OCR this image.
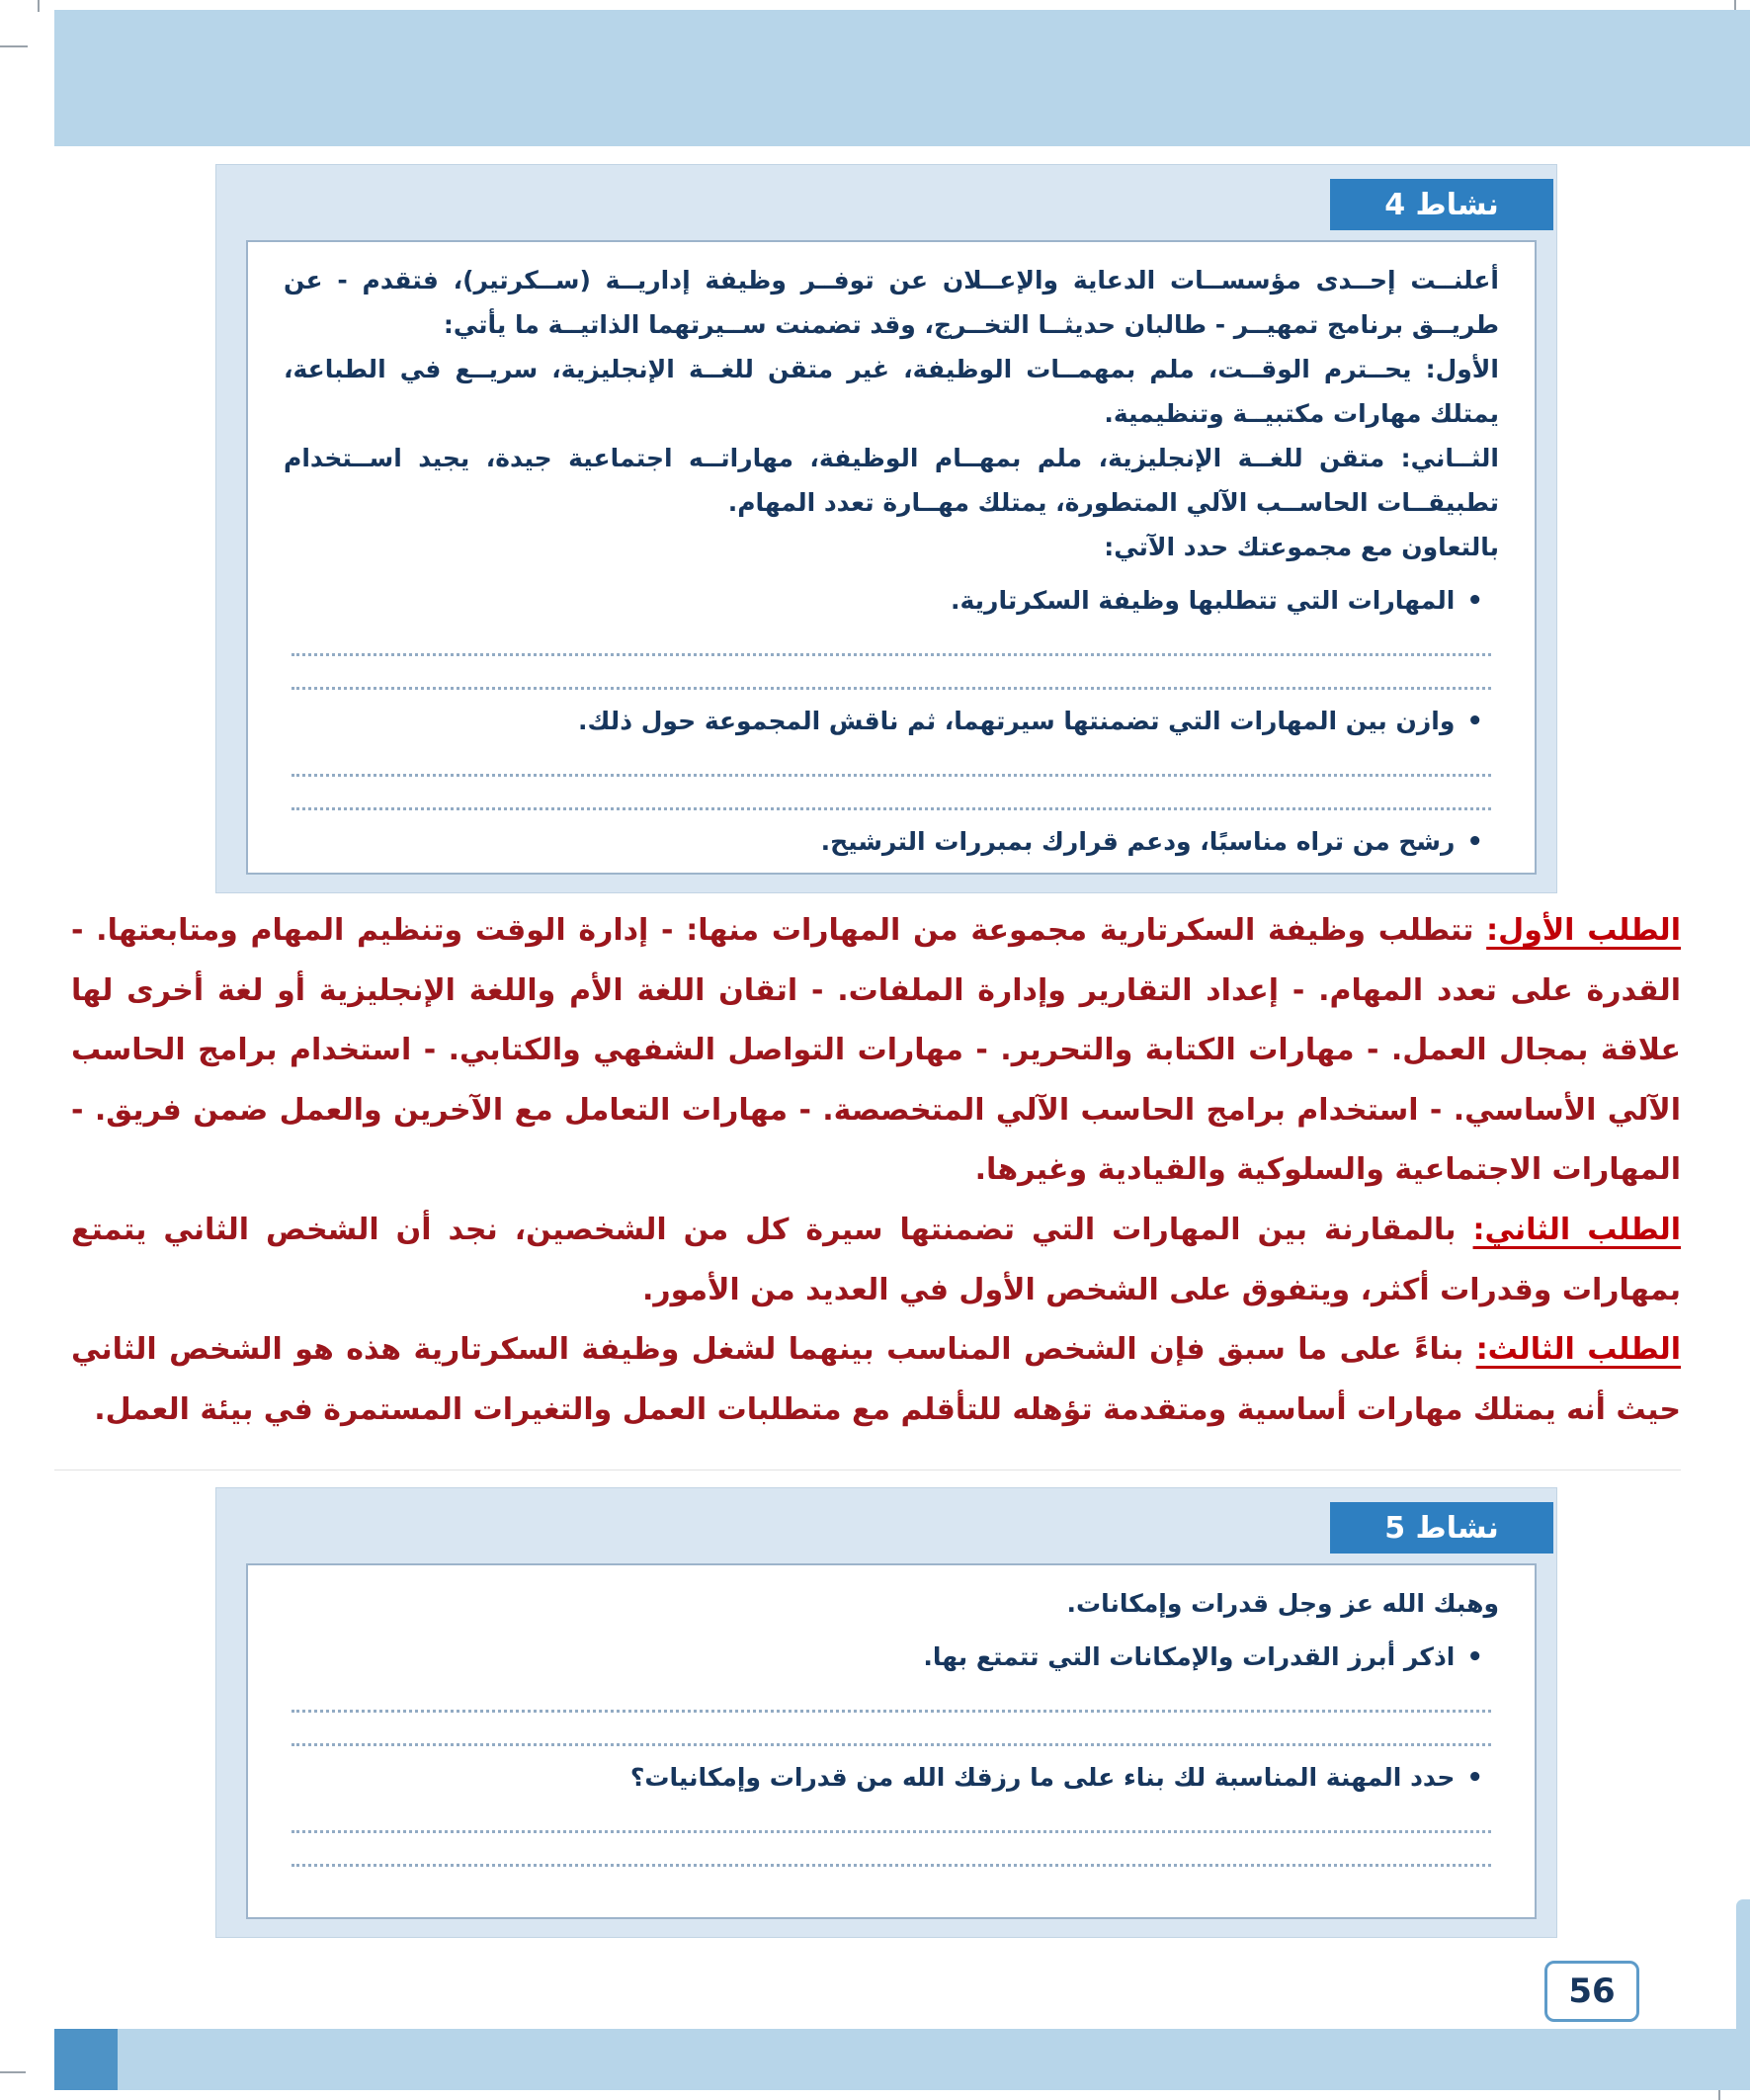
نشاط 4

أعلنــت إحــدى مؤسســات الدعاية والإعــلان عن توفــر وظيفة إداريــة (ســكرتير)، فتقدم - عن طريــق برنامج تمهيــر - طالبان حديثــا التخــرج، وقد تضمنت ســيرتهما الذاتيــة ما يأتي:

الأول: يحــترم الوقــت، ملم بمهمــات الوظيفة، غير متقن للغــة الإنجليزية، سريــع في الطباعة، يمتلك مهارات مكتبيــة وتنظيمية.

الثــاني: متقن للغــة الإنجليزية، ملم بمهــام الوظيفة، مهاراتــه اجتماعية جيدة، يجيد اســتخدام تطبيقــات الحاســب الآلي المتطورة، يمتلك مهــارة تعدد المهام.

بالتعاون مع مجموعتك حدد الآتي:

•
المهارات التي تتطلبها وظيفة السكرتارية.
•
وازن بين المهارات التي تضمنتها سيرتهما، ثم ناقش المجموعة حول ذلك.
•
رشح من تراه مناسبًا، ودعم قرارك بمبررات الترشيح.

الطلب الأول: تتطلب وظيفة السكرتارية مجموعة من المهارات منها: - إدارة الوقت وتنظيم المهام ومتابعتها. - القدرة على تعدد المهام. - إعداد التقارير وإدارة الملفات. - اتقان اللغة الأم واللغة الإنجليزية أو لغة أخرى لها علاقة بمجال العمل. - مهارات الكتابة والتحرير. - مهارات التواصل الشفهي والكتابي. - استخدام برامج الحاسب الآلي الأساسي. - استخدام برامج الحاسب الآلي المتخصصة. - مهارات التعامل مع الآخرين والعمل ضمن فريق. - المهارات الاجتماعية والسلوكية والقيادية وغيرها.

الطلب الثاني: بالمقارنة بين المهارات التي تضمنتها سيرة كل من الشخصين، نجد أن الشخص الثاني يتمتع بمهارات وقدرات أكثر، ويتفوق على الشخص الأول في العديد من الأمور.

الطلب الثالث: بناءً على ما سبق فإن الشخص المناسب بينهما لشغل وظيفة السكرتارية هذه هو الشخص الثاني حيث أنه يمتلك مهارات أساسية ومتقدمة تؤهله للتأقلم مع متطلبات العمل والتغيرات المستمرة في بيئة العمل.

نشاط 5

وهبك الله عز وجل قدرات وإمكانات.

•
اذكر أبرز القدرات والإمكانات التي تتمتع بها.
•
حدد المهنة المناسبة لك بناء على ما رزقك الله من قدرات وإمكانيات؟
56
